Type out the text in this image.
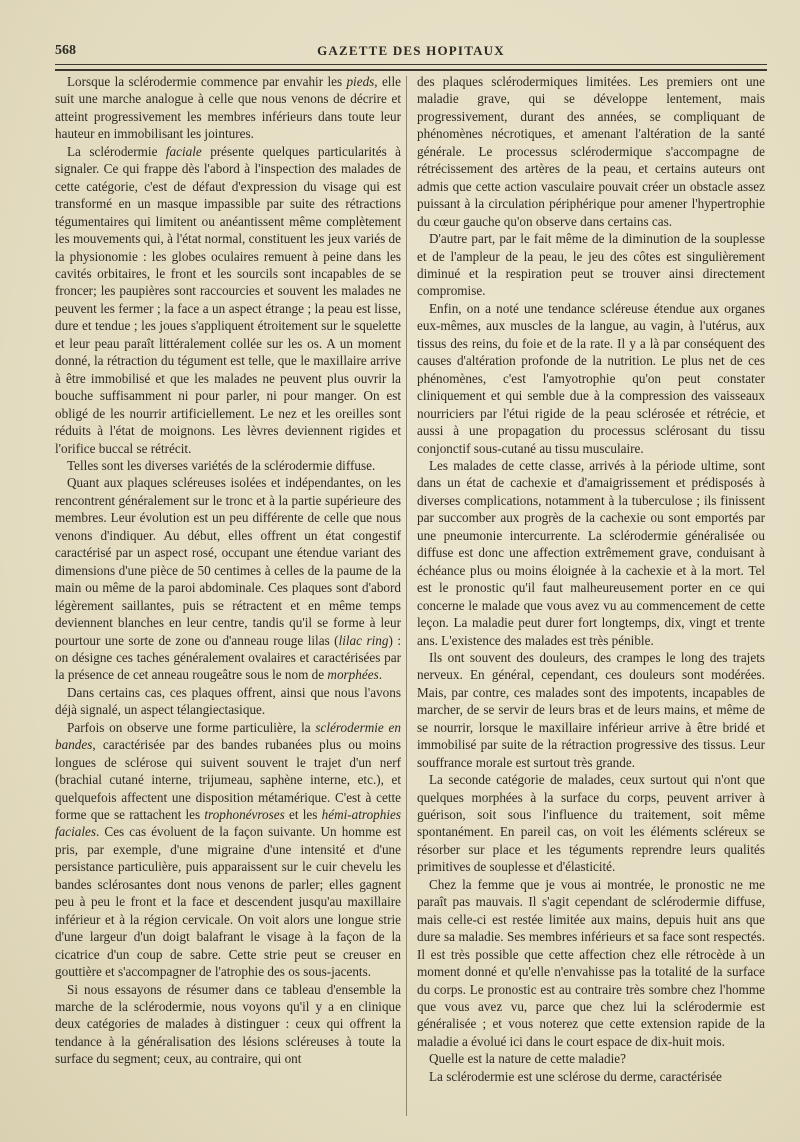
568	GAZETTE DES HOPITAUX

Lorsque la sclérodermie commence par envahir les pieds, elle suit une marche analogue à celle que nous venons de décrire et atteint progressivement les membres inférieurs dans toute leur hauteur en immobilisant les jointures.

La sclérodermie faciale présente quelques particularités à signaler. Ce qui frappe dès l'abord à l'inspection des malades de cette catégorie, c'est de défaut d'expression du visage qui est transformé en un masque impassible par suite des rétractions tégumentaires qui limitent ou anéantissent même complètement les mouvements qui, à l'état normal, constituent les jeux variés de la physionomie : les globes oculaires remuent à peine dans les cavités orbitaires, le front et les sourcils sont incapables de se froncer; les paupières sont raccourcies et souvent les malades ne peuvent les fermer ; la face a un aspect étrange ; la peau est lisse, dure et tendue ; les joues s'appliquent étroitement sur le squelette et leur peau paraît littéralement collée sur les os. A un moment donné, la rétraction du tégument est telle, que le maxillaire arrive à être immobilisé et que les malades ne peuvent plus ouvrir la bouche suffisamment ni pour parler, ni pour manger. On est obligé de les nourrir artificiellement. Le nez et les oreilles sont réduits à l'état de moignons. Les lèvres deviennent rigides et l'orifice buccal se rétrécit.

Telles sont les diverses variétés de la sclérodermie diffuse.

Quant aux plaques scléreuses isolées et indépendantes, on les rencontrent généralement sur le tronc et à la partie supérieure des membres. Leur évolution est un peu différente de celle que nous venons d'indiquer. Au début, elles offrent un état congestif caractérisé par un aspect rosé, occupant une étendue variant des dimensions d'une pièce de 50 centimes à celles de la paume de la main ou même de la paroi abdominale. Ces plaques sont d'abord légèrement saillantes, puis se rétractent et en même temps deviennent blanches en leur centre, tandis qu'il se forme à leur pourtour une sorte de zone ou d'anneau rouge lilas (lilac ring) : on désigne ces taches généralement ovalaires et caractérisées par la présence de cet anneau rougeâtre sous le nom de morphées.

Dans certains cas, ces plaques offrent, ainsi que nous l'avons déjà signalé, un aspect télangiectasique.

Parfois on observe une forme particulière, la sclérodermie en bandes, caractérisée par des bandes rubanées plus ou moins longues de sclérose qui suivent souvent le trajet d'un nerf (brachial cutané interne, trijumeau, saphène interne, etc.), et quelquefois affectent une disposition métamérique. C'est à cette forme que se rattachent les trophonévroses et les hémi-atrophies faciales. Ces cas évoluent de la façon suivante. Un homme est pris, par exemple, d'une migraine d'une intensité et d'une persistance particulière, puis apparaissent sur le cuir chevelu les bandes sclérosantes dont nous venons de parler; elles gagnent peu à peu le front et la face et descendent jusqu'au maxillaire inférieur et à la région cervicale. On voit alors une longue strie d'une largeur d'un doigt balafrant le visage à la façon de la cicatrice d'un coup de sabre. Cette strie peut se creuser en gouttière et s'accompagner de l'atrophie des os sous-jacents.

Si nous essayons de résumer dans ce tableau d'ensemble la marche de la sclérodermie, nous voyons qu'il y a en clinique deux catégories de malades à distinguer : ceux qui offrent la tendance à la généralisation des lésions scléreuses à toute la surface du segment; ceux, au contraire, qui ont

des plaques sclérodermiques limitées. Les premiers ont une maladie grave, qui se développe lentement, mais progressivement, durant des années, se compliquant de phénomènes nécrotiques, et amenant l'altération de la santé générale. Le processus sclérodermique s'accompagne de rétrécissement des artères de la peau, et certains auteurs ont admis que cette action vasculaire pouvait créer un obstacle assez puissant à la circulation périphérique pour amener l'hypertrophie du cœur gauche qu'on observe dans certains cas.

D'autre part, par le fait même de la diminution de la souplesse et de l'ampleur de la peau, le jeu des côtes est singulièrement diminué et la respiration peut se trouver ainsi directement compromise.

Enfin, on a noté une tendance scléreuse étendue aux organes eux-mêmes, aux muscles de la langue, au vagin, à l'utérus, aux tissus des reins, du foie et de la rate. Il y a là par conséquent des causes d'altération profonde de la nutrition. Le plus net de ces phénomènes, c'est l'amyotrophie qu'on peut constater cliniquement et qui semble due à la compression des vaisseaux nourriciers par l'étui rigide de la peau sclérosée et rétrécie, et aussi à une propagation du processus sclérosant du tissu conjonctif sous-cutané au tissu musculaire.

Les malades de cette classe, arrivés à la période ultime, sont dans un état de cachexie et d'amaigrissement et prédisposés à diverses complications, notamment à la tuberculose ; ils finissent par succomber aux progrès de la cachexie ou sont emportés par une pneumonie intercurrente. La sclérodermie généralisée ou diffuse est donc une affection extrêmement grave, conduisant à échéance plus ou moins éloignée à la cachexie et à la mort. Tel est le pronostic qu'il faut malheureusement porter en ce qui concerne le malade que vous avez vu au commencement de cette leçon. La maladie peut durer fort longtemps, dix, vingt et trente ans. L'existence des malades est très pénible.

Ils ont souvent des douleurs, des crampes le long des trajets nerveux. En général, cependant, ces douleurs sont modérées. Mais, par contre, ces malades sont des impotents, incapables de marcher, de se servir de leurs bras et de leurs mains, et même de se nourrir, lorsque le maxillaire inférieur arrive à être bridé et immobilisé par suite de la rétraction progressive des tissus. Leur souffrance morale est surtout très grande.

La seconde catégorie de malades, ceux surtout qui n'ont que quelques morphées à la surface du corps, peuvent arriver à guérison, soit sous l'influence du traitement, soit même spontanément. En pareil cas, on voit les éléments scléreux se résorber sur place et les téguments reprendre leurs qualités primitives de souplesse et d'élasticité.

Chez la femme que je vous ai montrée, le pronostic ne me paraît pas mauvais. Il s'agit cependant de sclérodermie diffuse, mais celle-ci est restée limitée aux mains, depuis huit ans que dure sa maladie. Ses membres inférieurs et sa face sont respectés. Il est très possible que cette affection chez elle rétrocède à un moment donné et qu'elle n'envahisse pas la totalité de la surface du corps. Le pronostic est au contraire très sombre chez l'homme que vous avez vu, parce que chez lui la sclérodermie est généralisée ; et vous noterez que cette extension rapide de la maladie a évolué ici dans le court espace de dix-huit mois.

Quelle est la nature de cette maladie?

La sclérodermie est une sclérose du derme, caractérisée
